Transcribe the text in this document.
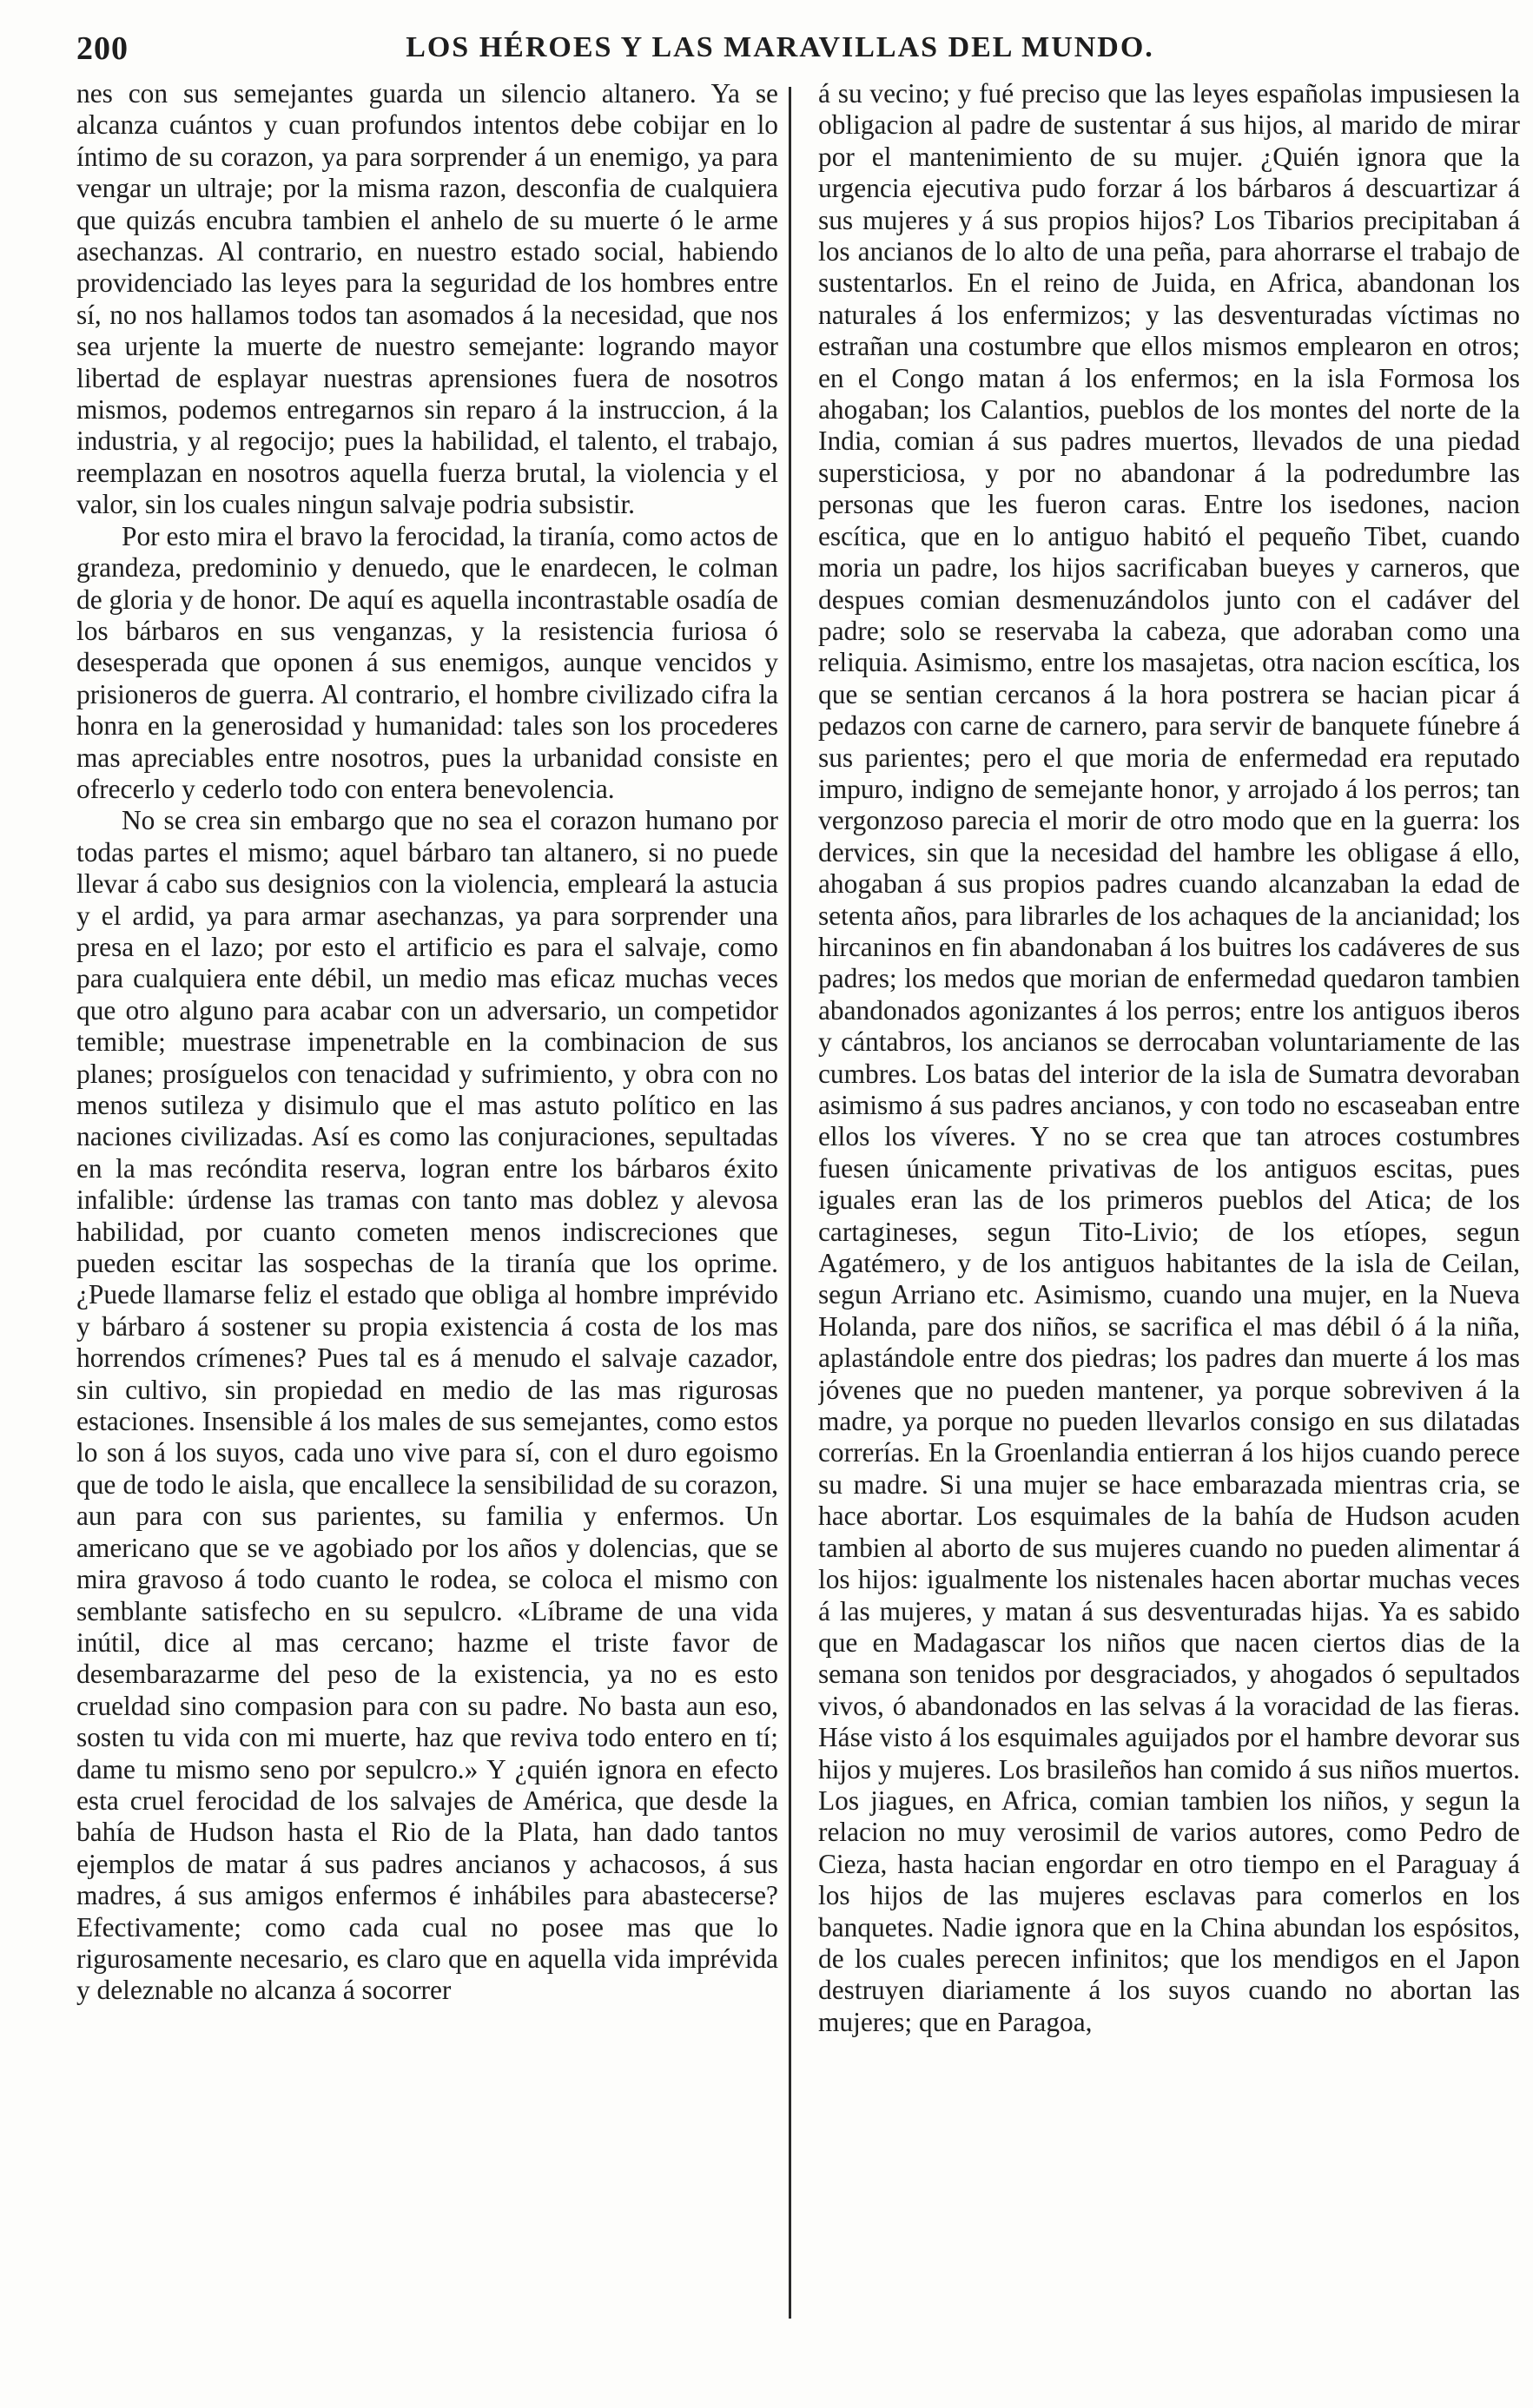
200	LOS HÉROES Y LAS MARAVILLAS DEL MUNDO.

nes con sus semejantes guarda un silencio altanero. Ya se alcanza cuántos y cuan profundos intentos debe cobijar en lo íntimo de su corazon, ya para sorprender á un enemigo, ya para vengar un ultraje; por la misma razon, desconfia de cualquiera que quizás encubra tambien el anhelo de su muerte ó le arme asechanzas. Al contrario, en nuestro estado social, habiendo providenciado las leyes para la seguridad de los hombres entre sí, no nos hallamos todos tan asomados á la necesidad, que nos sea urjente la muerte de nuestro semejante: logrando mayor libertad de esplayar nuestras aprensiones fuera de nosotros mismos, podemos entregarnos sin reparo á la instruccion, á la industria, y al regocijo; pues la habilidad, el talento, el trabajo, reemplazan en nosotros aquella fuerza brutal, la violencia y el valor, sin los cuales ningun salvaje podria subsistir.

Por esto mira el bravo la ferocidad, la tiranía, como actos de grandeza, predominio y denuedo, que le enardecen, le colman de gloria y de honor. De aquí es aquella incontrastable osadía de los bárbaros en sus venganzas, y la resistencia furiosa ó desesperada que oponen á sus enemigos, aunque vencidos y prisioneros de guerra. Al contrario, el hombre civilizado cifra la honra en la generosidad y humanidad: tales son los procederes mas apreciables entre nosotros, pues la urbanidad consiste en ofrecerlo y cederlo todo con entera benevolencia.

No se crea sin embargo que no sea el corazon humano por todas partes el mismo; aquel bárbaro tan altanero, si no puede llevar á cabo sus designios con la violencia, empleará la astucia y el ardid, ya para armar asechanzas, ya para sorprender una presa en el lazo; por esto el artificio es para el salvaje, como para cualquiera ente débil, un medio mas eficaz muchas veces que otro alguno para acabar con un adversario, un competidor temible; muestrase impenetrable en la combinacion de sus planes; prosíguelos con tenacidad y sufrimiento, y obra con no menos sutileza y disimulo que el mas astuto político en las naciones civilizadas. Así es como las conjuraciones, sepultadas en la mas recóndita reserva, logran entre los bárbaros éxito infalible: úrdense las tramas con tanto mas doblez y alevosa habilidad, por cuanto cometen menos indiscreciones que pueden escitar las sospechas de la tiranía que los oprime. ¿Puede llamarse feliz el estado que obliga al hombre imprévido y bárbaro á sostener su propia existencia á costa de los mas horrendos crímenes? Pues tal es á menudo el salvaje cazador, sin cultivo, sin propiedad en medio de las mas rigurosas estaciones. Insensible á los males de sus semejantes, como estos lo son á los suyos, cada uno vive para sí, con el duro egoismo que de todo le aisla, que encallece la sensibilidad de su corazon, aun para con sus parientes, su familia y enfermos. Un americano que se ve agobiado por los años y dolencias, que se mira gravoso á todo cuanto le rodea, se coloca el mismo con semblante satisfecho en su sepulcro. «Líbrame de una vida inútil, dice al mas cercano; hazme el triste favor de desembarazarme del peso de la existencia, ya no es esto crueldad sino compasion para con su padre. No basta aun eso, sosten tu vida con mi muerte, haz que reviva todo entero en tí; dame tu mismo seno por sepulcro.» Y ¿quién ignora en efecto esta cruel ferocidad de los salvajes de América, que desde la bahía de Hudson hasta el Rio de la Plata, han dado tantos ejemplos de matar á sus padres ancianos y achacosos, á sus madres, á sus amigos enfermos é inhábiles para abastecerse? Efectivamente; como cada cual no posee mas que lo rigurosamente necesario, es claro que en aquella vida imprévida y deleznable no alcanza á socorrer

á su vecino; y fué preciso que las leyes españolas impusiesen la obligacion al padre de sustentar á sus hijos, al marido de mirar por el mantenimiento de su mujer. ¿Quién ignora que la urgencia ejecutiva pudo forzar á los bárbaros á descuartizar á sus mujeres y á sus propios hijos? Los Tibarios precipitaban á los ancianos de lo alto de una peña, para ahorrarse el trabajo de sustentarlos. En el reino de Juida, en Africa, abandonan los naturales á los enfermizos; y las desventuradas víctimas no estrañan una costumbre que ellos mismos emplearon en otros; en el Congo matan á los enfermos; en la isla Formosa los ahogaban; los Calantios, pueblos de los montes del norte de la India, comian á sus padres muertos, llevados de una piedad supersticiosa, y por no abandonar á la podredumbre las personas que les fueron caras. Entre los isedones, nacion escítica, que en lo antiguo habitó el pequeño Tibet, cuando moria un padre, los hijos sacrificaban bueyes y carneros, que despues comian desmenuzándolos junto con el cadáver del padre; solo se reservaba la cabeza, que adoraban como una reliquia. Asimismo, entre los masajetas, otra nacion escítica, los que se sentian cercanos á la hora postrera se hacian picar á pedazos con carne de carnero, para servir de banquete fúnebre á sus parientes; pero el que moria de enfermedad era reputado impuro, indigno de semejante honor, y arrojado á los perros; tan vergonzoso parecia el morir de otro modo que en la guerra: los dervices, sin que la necesidad del hambre les obligase á ello, ahogaban á sus propios padres cuando alcanzaban la edad de setenta años, para librarles de los achaques de la ancianidad; los hircaninos en fin abandonaban á los buitres los cadáveres de sus padres; los medos que morian de enfermedad quedaron tambien abandonados agonizantes á los perros; entre los antiguos iberos y cántabros, los ancianos se derrocaban voluntariamente de las cumbres. Los batas del interior de la isla de Sumatra devoraban asimismo á sus padres ancianos, y con todo no escaseaban entre ellos los víveres. Y no se crea que tan atroces costumbres fuesen únicamente privativas de los antiguos escitas, pues iguales eran las de los primeros pueblos del Atica; de los cartagineses, segun Tito-Livio; de los etíopes, segun Agatémero, y de los antiguos habitantes de la isla de Ceilan, segun Arriano etc. Asimismo, cuando una mujer, en la Nueva Holanda, pare dos niños, se sacrifica el mas débil ó á la niña, aplastándole entre dos piedras; los padres dan muerte á los mas jóvenes que no pueden mantener, ya porque sobreviven á la madre, ya porque no pueden llevarlos consigo en sus dilatadas correrías. En la Groenlandia entierran á los hijos cuando perece su madre. Si una mujer se hace embarazada mientras cria, se hace abortar. Los esquimales de la bahía de Hudson acuden tambien al aborto de sus mujeres cuando no pueden alimentar á los hijos: igualmente los nistenales hacen abortar muchas veces á las mujeres, y matan á sus desventuradas hijas. Ya es sabido que en Madagascar los niños que nacen ciertos dias de la semana son tenidos por desgraciados, y ahogados ó sepultados vivos, ó abandonados en las selvas á la voracidad de las fieras. Háse visto á los esquimales aguijados por el hambre devorar sus hijos y mujeres. Los brasileños han comido á sus niños muertos. Los jiagues, en Africa, comian tambien los niños, y segun la relacion no muy verosimil de varios autores, como Pedro de Cieza, hasta hacian engordar en otro tiempo en el Paraguay á los hijos de las mujeres esclavas para comerlos en los banquetes. Nadie ignora que en la China abundan los espósitos, de los cuales perecen infinitos; que los mendigos en el Japon destruyen diariamente á los suyos cuando no abortan las mujeres; que en Paragoa,
